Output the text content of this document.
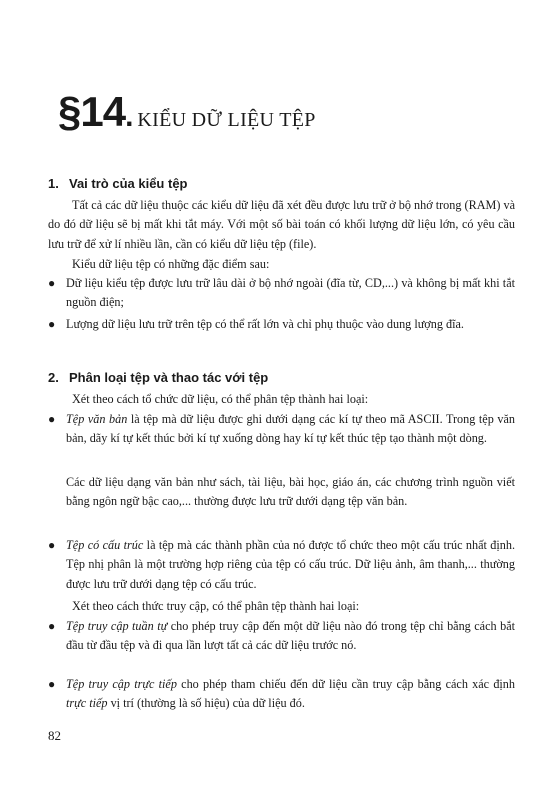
§14. KIỂU DỮ LIỆU TỆP
1. Vai trò của kiểu tệp

Tất cả các dữ liệu thuộc các kiểu dữ liệu đã xét đều được lưu trữ ở bộ nhớ trong (RAM) và do đó dữ liệu sẽ bị mất khi tắt máy. Với một số bài toán có khối lượng dữ liệu lớn, có yêu cầu lưu trữ để xử lí nhiều lần, cần có kiểu dữ liệu tệp (file).

Kiểu dữ liệu tệp có những đặc điểm sau:

● Dữ liệu kiểu tệp được lưu trữ lâu dài ở bộ nhớ ngoài (đĩa từ, CD,...) và không bị mất khi tắt nguồn điện;
● Lượng dữ liệu lưu trữ trên tệp có thể rất lớn và chỉ phụ thuộc vào dung lượng đĩa.
2. Phân loại tệp và thao tác với tệp

Xét theo cách tổ chức dữ liệu, có thể phân tệp thành hai loại:

● Tệp văn bản là tệp mà dữ liệu được ghi dưới dạng các kí tự theo mã ASCII. Trong tệp văn bản, dãy kí tự kết thúc bởi kí tự xuống dòng hay kí tự kết thúc tệp tạo thành một dòng.

Các dữ liệu dạng văn bản như sách, tài liệu, bài học, giáo án, các chương trình nguồn viết bằng ngôn ngữ bậc cao,... thường được lưu trữ dưới dạng tệp văn bản.

● Tệp có cấu trúc là tệp mà các thành phần của nó được tổ chức theo một cấu trúc nhất định. Tệp nhị phân là một trường hợp riêng của tệp có cấu trúc. Dữ liệu ảnh, âm thanh,... thường được lưu trữ dưới dạng tệp có cấu trúc.

Xét theo cách thức truy cập, có thể phân tệp thành hai loại:

● Tệp truy cập tuần tự cho phép truy cập đến một dữ liệu nào đó trong tệp chỉ bằng cách bắt đầu từ đầu tệp và đi qua lần lượt tất cả các dữ liệu trước nó.
● Tệp truy cập trực tiếp cho phép tham chiếu đến dữ liệu cần truy cập bằng cách xác định trực tiếp vị trí (thường là số hiệu) của dữ liệu đó.
82
